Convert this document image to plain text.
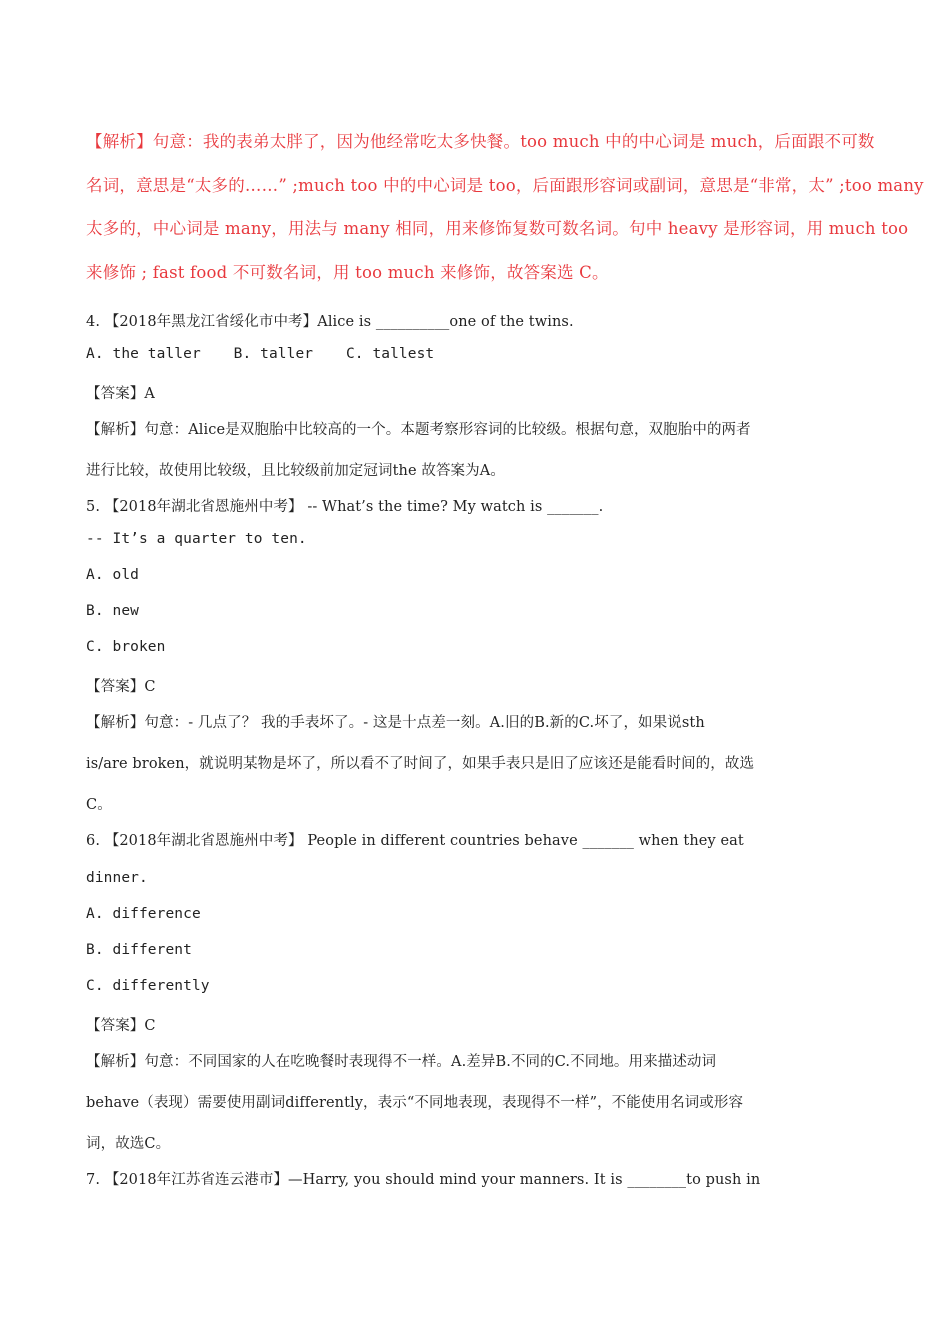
【解析】句意：我的表弟太胖了，因为他经常吃太多快餐。too much 中的中心词是 much，后面跟不可数

名词，意思是“太多的……” ;much too 中的中心词是 too，后面跟形容词或副词，意思是“非常，太” ;too many

太多的，中心词是 many，用法与 many 相同，用来修饰复数可数名词。句中 heavy 是形容词，用 much too

来修饰 ; fast food 不可数名词，用 too much 来修饰，故答案选 C。

4. 【2018年黑龙江省绥化市中考】Alice is __________one of the twins.

A. the taller B. taller C. tallest

【答案】A

【解析】句意：Alice是双胞胎中比较高的一个。本题考察形容词的比较级。根据句意，双胞胎中的两者

进行比较，故使用比较级，且比较级前加定冠词the 故答案为A。

5. 【2018年湖北省恩施州中考】 -- What’s the time? My watch is _______.

-- It’s a quarter to ten.

A. old

B. new

C. broken

【答案】C

【解析】句意：- 几点了？ 我的手表坏了。- 这是十点差一刻。A.旧的B.新的C.坏了，如果说sth

is/are broken，就说明某物是坏了，所以看不了时间了，如果手表只是旧了应该还是能看时间的，故选

C。

6. 【2018年湖北省恩施州中考】 People in different countries behave _______ when they eat

dinner.

A. difference

B. different

C. differently

【答案】C

【解析】句意：不同国家的人在吃晚餐时表现得不一样。A.差异B.不同的C.不同地。用来描述动词

behave（表现）需要使用副词differently，表示“不同地表现，表现得不一样”，不能使用名词或形容

词，故选C。

7. 【2018年江苏省连云港市】—Harry, you should mind your manners. It is ________to push in
